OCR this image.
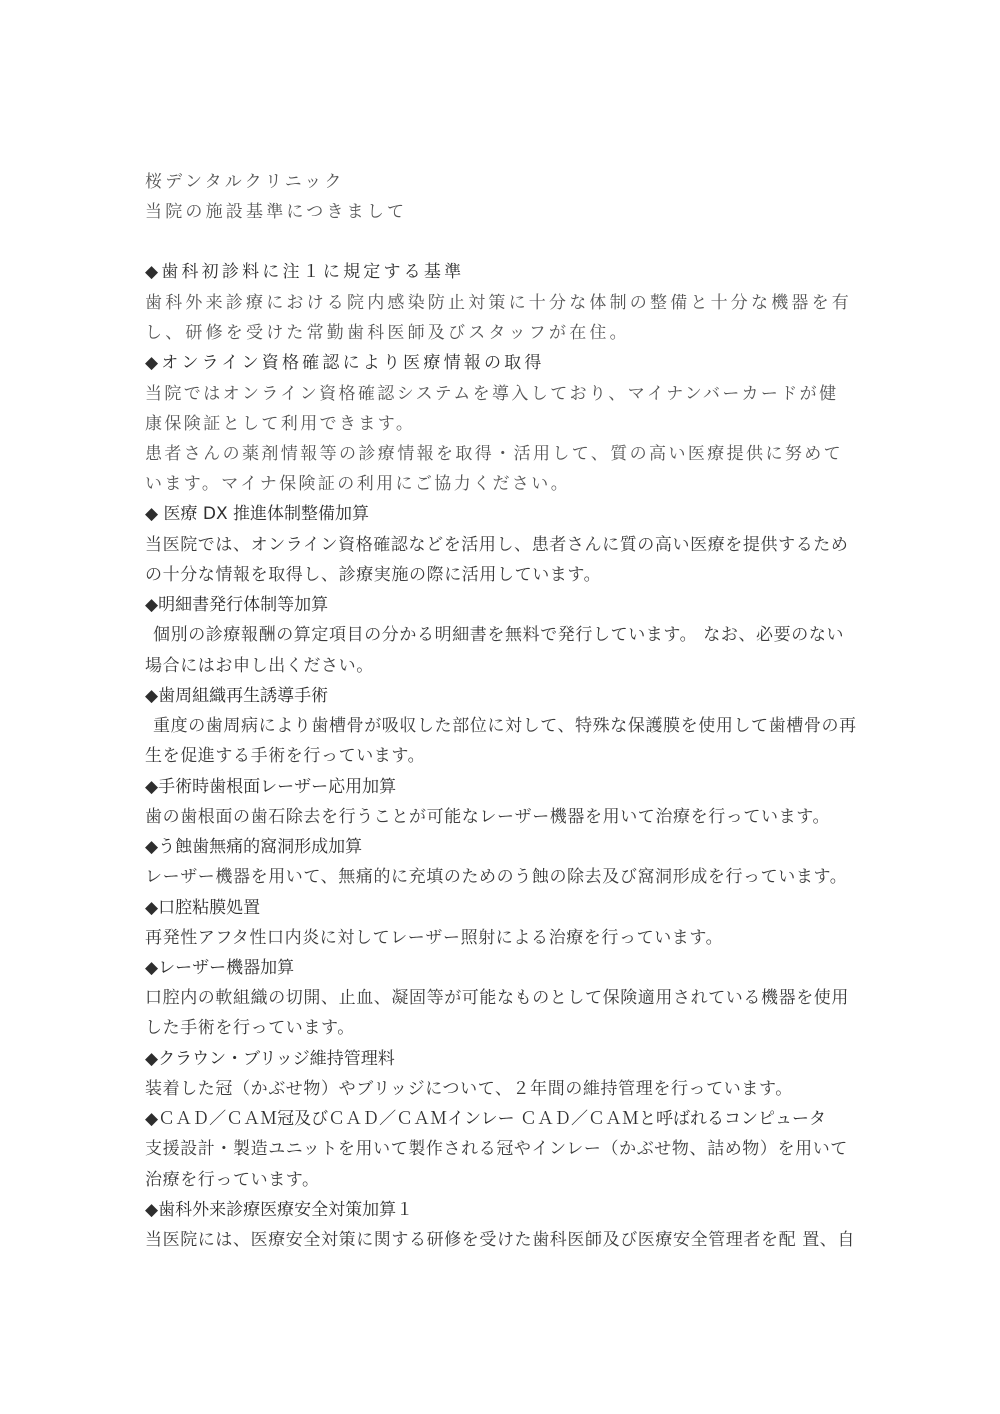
桜デンタルクリニック

当院の施設基準につきまして

◆歯科初診料に注１に規定する基準

歯科外来診療における院内感染防止対策に十分な体制の整備と十分な機器を有

し、研修を受けた常勤歯科医師及びスタッフが在住。

◆オンライン資格確認により医療情報の取得

当院ではオンライン資格確認システムを導入しており、マイナンバーカードが健

康保険証として利用できます。

患者さんの薬剤情報等の診療情報を取得・活用して、質の高い医療提供に努めて

います。マイナ保険証の利用にご協力ください。

◆ 医療 DX 推進体制整備加算

当医院では、オンライン資格確認などを活用し、患者さんに質の高い医療を提供するため

の十分な情報を取得し、診療実施の際に活用しています。

◆明細書発行体制等加算

個別の診療報酬の算定項目の分かる明細書を無料で発行しています。 なお、必要のない

場合にはお申し出ください。

◆歯周組織再生誘導手術

重度の歯周病により歯槽骨が吸収した部位に対して、特殊な保護膜を使用して歯槽骨の再

生を促進する手術を行っています。

◆手術時歯根面レーザー応用加算

歯の歯根面の歯石除去を行うことが可能なレーザー機器を用いて治療を行っています。

◆う蝕歯無痛的窩洞形成加算

レーザー機器を用いて、無痛的に充填のためのう蝕の除去及び窩洞形成を行っています。

◆口腔粘膜処置

再発性アフタ性口内炎に対してレーザー照射による治療を行っています。

◆レーザー機器加算

口腔内の軟組織の切開、止血、凝固等が可能なものとして保険適用されている機器を使用

した手術を行っています。

◆クラウン・ブリッジ維持管理料

装着した冠（かぶせ物）やブリッジについて、２年間の維持管理を行っています。

◆ＣＡＤ／ＣＡＭ冠及びＣＡＤ／ＣＡＭインレー ＣＡＤ／ＣＡＭと呼ばれるコンピュータ

支援設計・製造ユニットを用いて製作される冠やインレー（かぶせ物、詰め物）を用いて

治療を行っています。

◆歯科外来診療医療安全対策加算１

当医院には、医療安全対策に関する研修を受けた歯科医師及び医療安全管理者を配 置、自
